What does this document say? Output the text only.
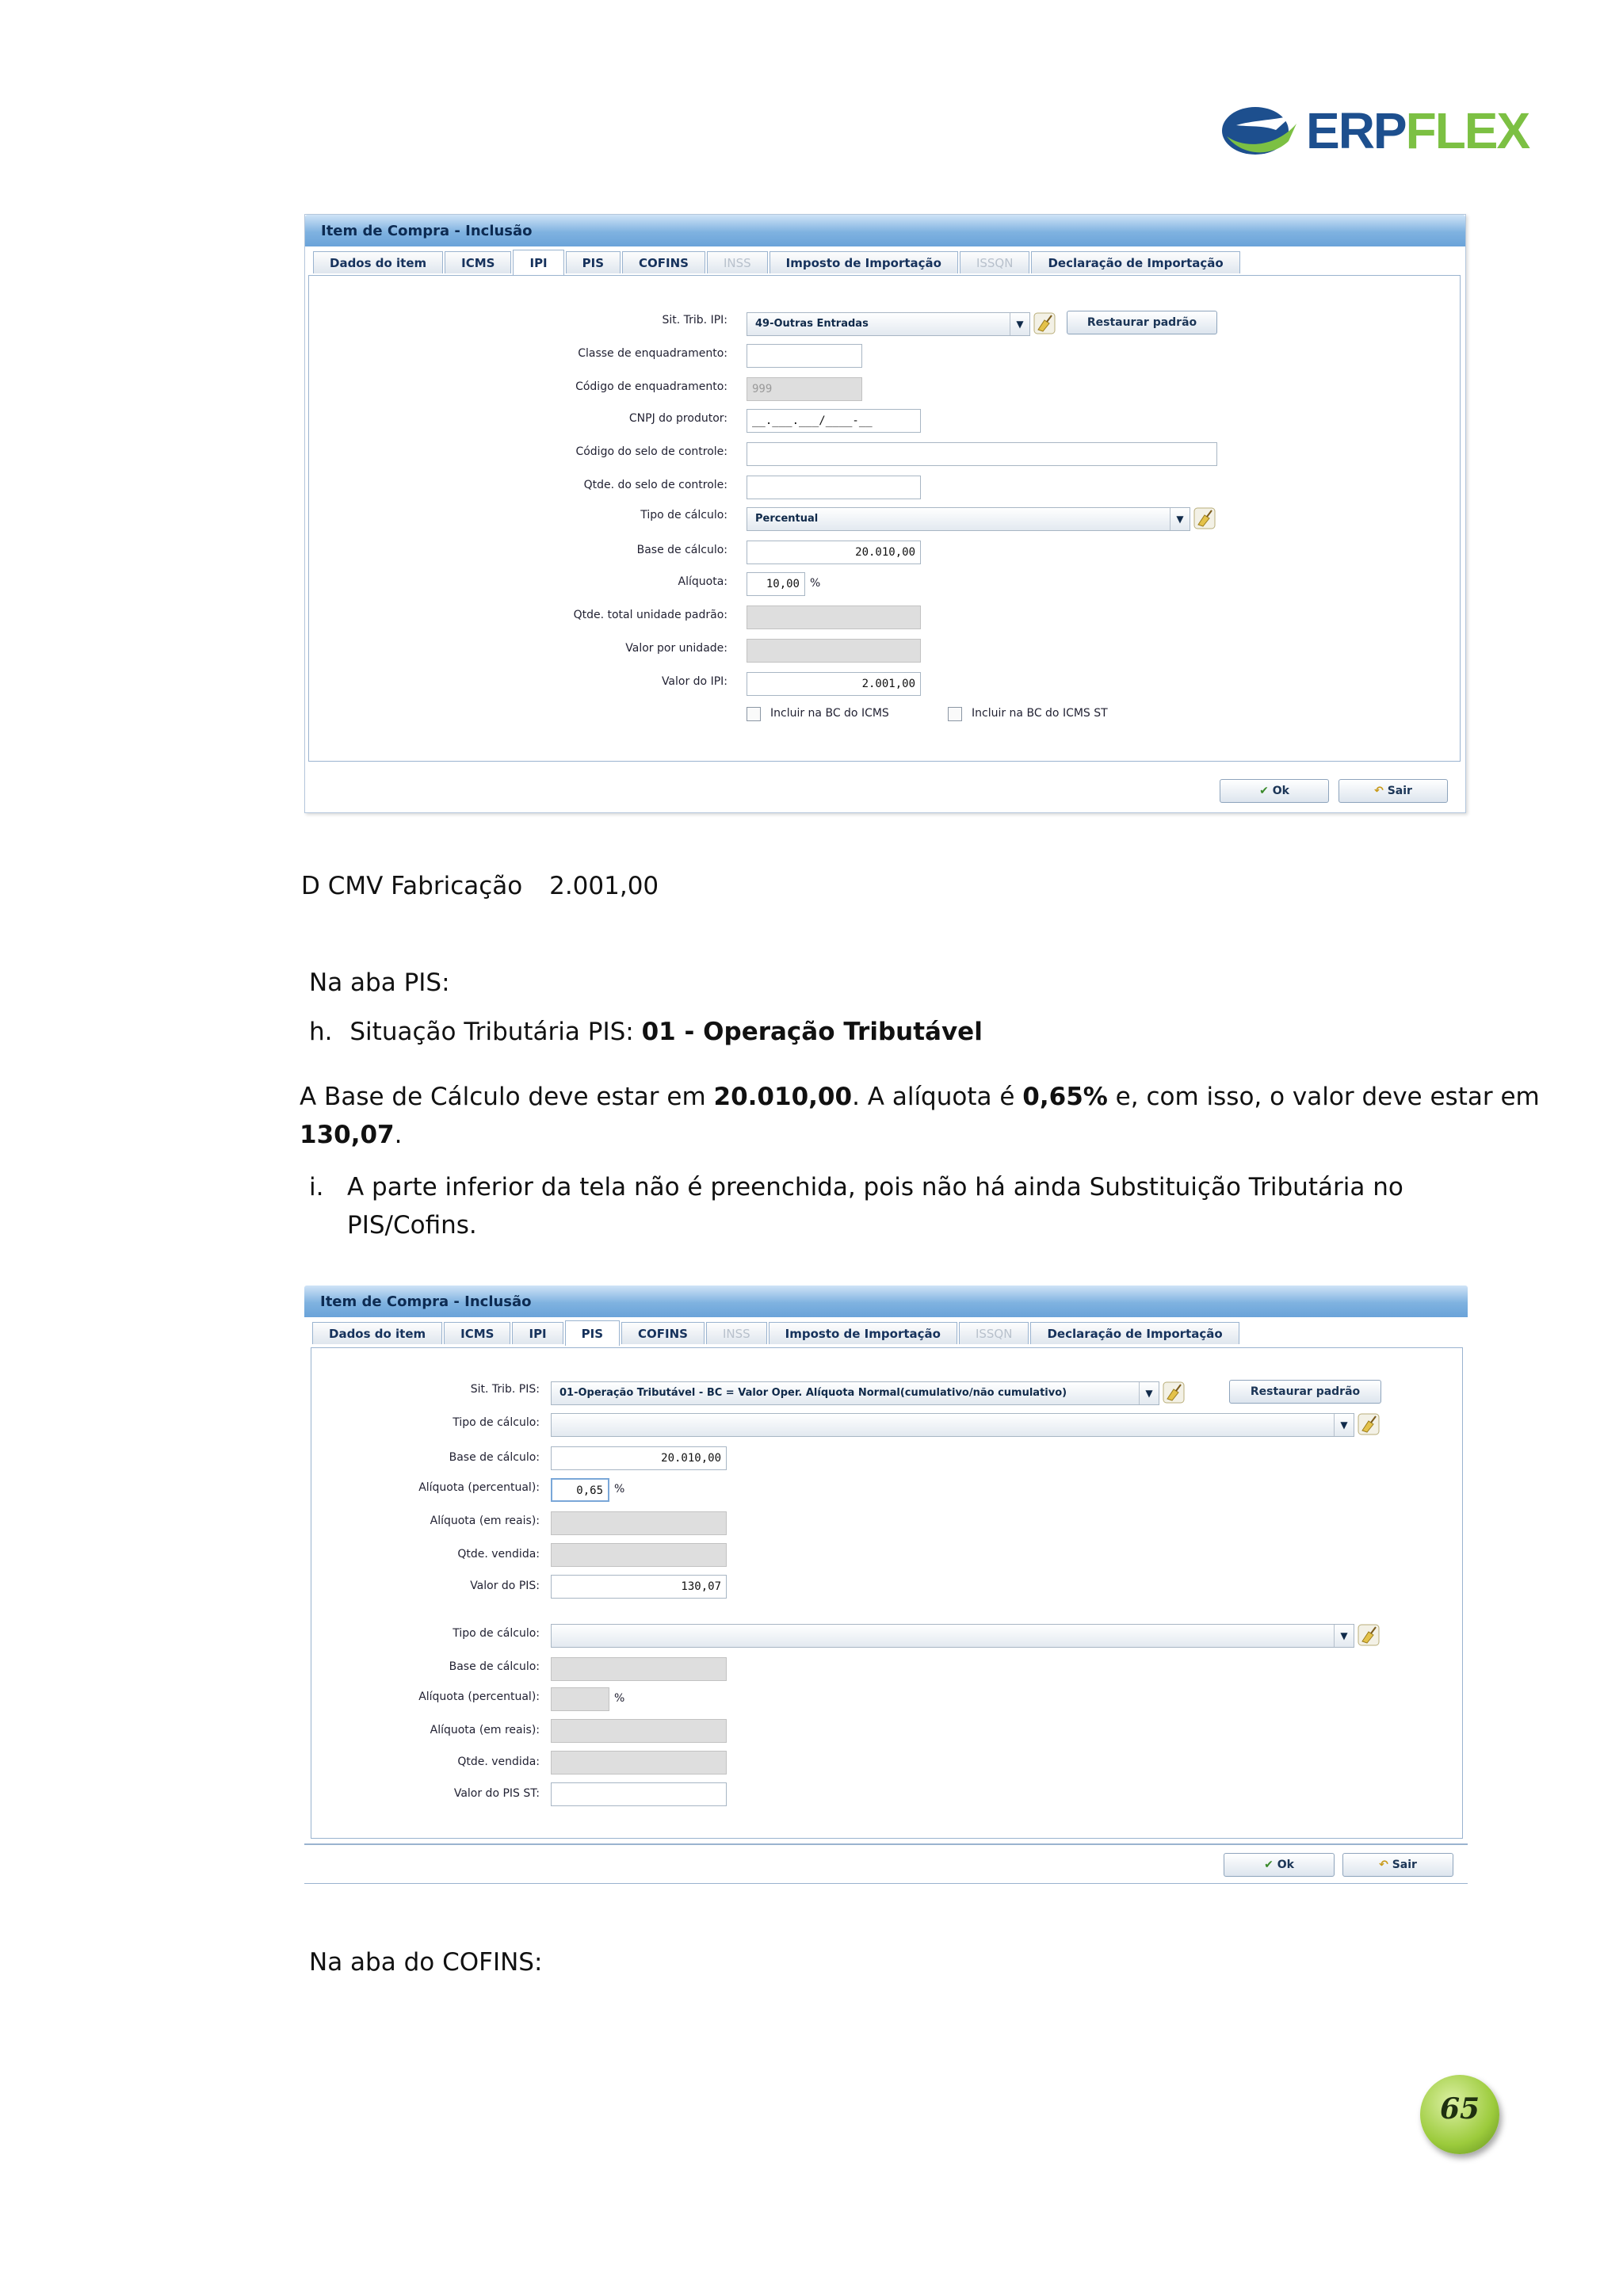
ERPFLEX
Item de Compra - Inclusão
Dados do item	ICMS	IPI	PIS	COFINS	INSS	Imposto de Importação	ISSQN	Declaração de Importação
Sit. Trib. IPI:	49-Outras Entradas	▼	Restaurar padrão
Classe de enquadramento:
Código de enquadramento:	999
CNPJ do produtor:	__.___.___/____-__
Código do selo de controle:
Qtde. do selo de controle:
Tipo de cálculo:	Percentual	▼
Base de cálculo:	20.010,00
Alíquota:	10,00 %
Qtde. total unidade padrão:
Valor por unidade:
Valor do IPI:	2.001,00
Incluir na BC do ICMS	Incluir na BC do ICMS ST
✔ Ok	↶ Sair
D CMV Fabricação 2.001,00
Na aba PIS:
h. Situação Tributária PIS: 01 - Operação Tributável
A Base de Cálculo deve estar em 20.010,00. A alíquota é 0,65% e, com isso, o valor deve estar em
130,07.
i. A parte inferior da tela não é preenchida, pois não há ainda Substituição Tributária no
PIS/Cofins.
Item de Compra - Inclusão
Dados do item	ICMS	IPI	PIS	COFINS	INSS	Imposto de Importação	ISSQN	Declaração de Importação
Sit. Trib. PIS:	01-Operação Tributável - BC = Valor Oper. Alíquota Normal(cumulativo/não cumulativo)	▼	Restaurar padrão
Tipo de cálculo:	▼
Base de cálculo:	20.010,00
Alíquota (percentual):	0,65	%
Alíquota (em reais):
Qtde. vendida:
Valor do PIS:	130,07
Tipo de cálculo:	▼
Base de cálculo:
Alíquota (percentual):	%
Alíquota (em reais):
Qtde. vendida:
Valor do PIS ST:
✔ Ok	↶ Sair
Na aba do COFINS:
65
